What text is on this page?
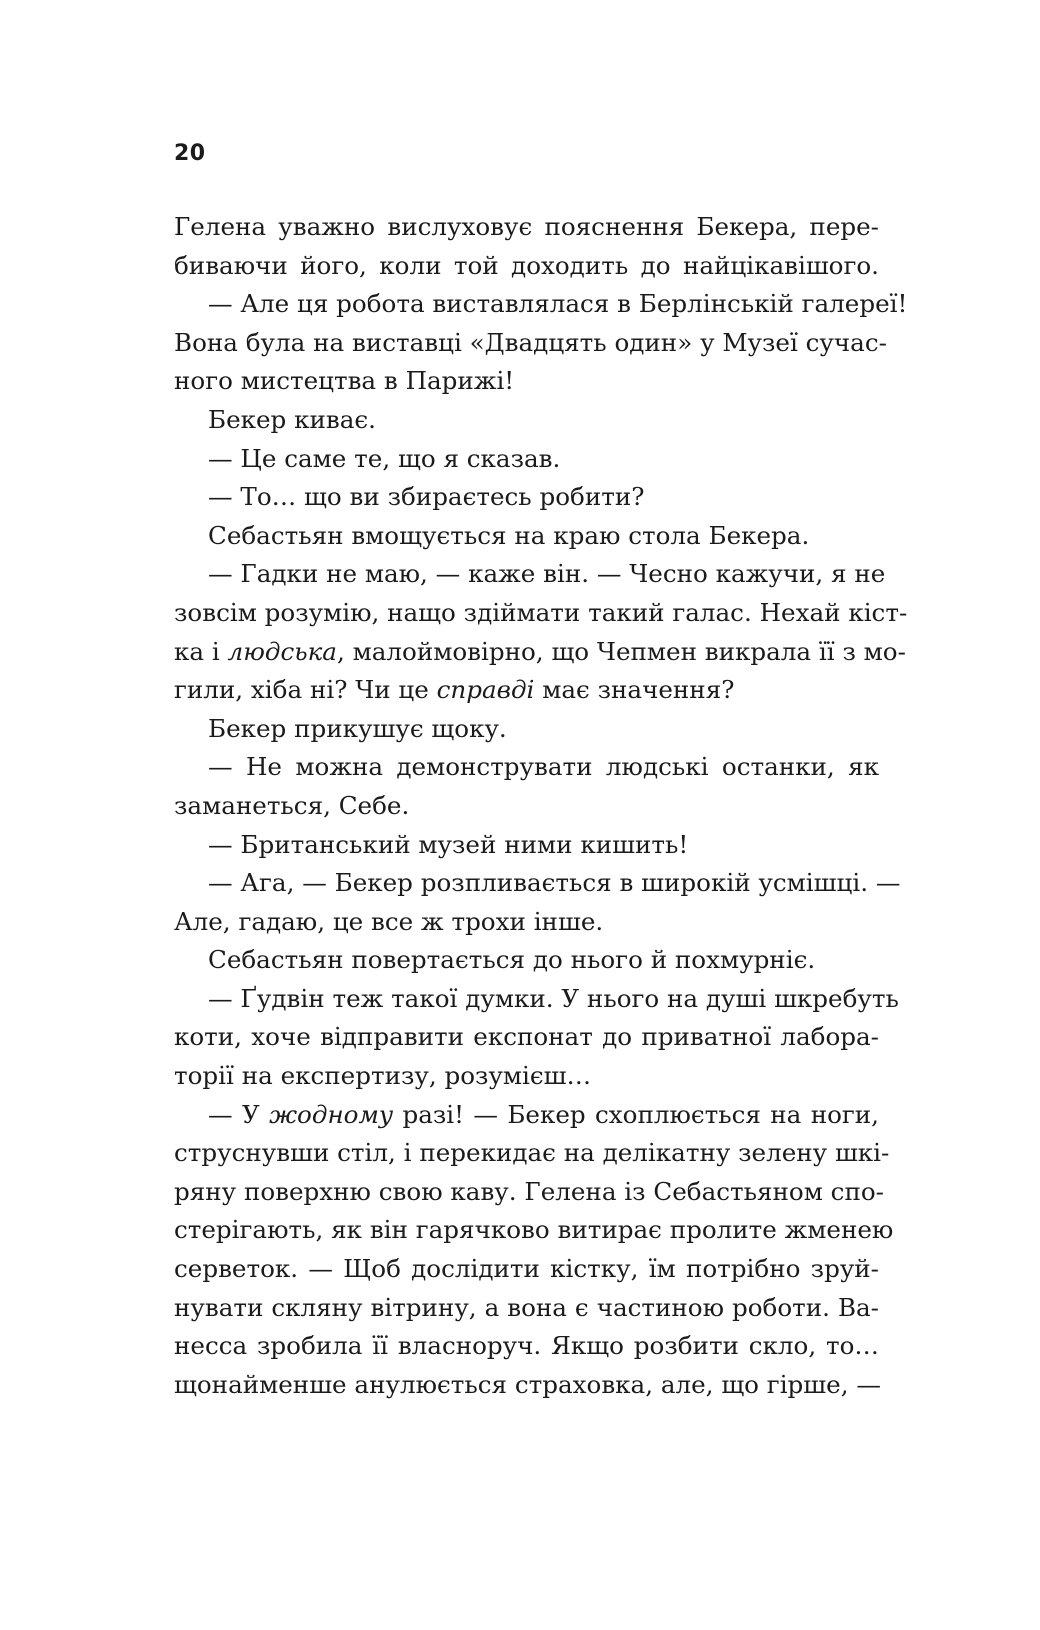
20
Гелена уважно вислуховує пояснення Бекера, пере-
биваючи його, коли той доходить до найцікавішого.
— Але ця робота виставлялася в Берлінській галереї!
Вона була на виставці «Двадцять один» у Музеї сучас-
ного мистецтва в Парижі!
Бекер киває.
— Це саме те, що я сказав.
— То… що ви збираєтесь робити?
Себастьян вмощується на краю стола Бекера.
— Гадки не маю, — каже він. — Чесно кажучи, я не
зовсім розумію, нащо здіймати такий галас. Нехай кіст-
ка і людська, малоймовірно, що Чепмен викрала її з мо-
гили, хіба ні? Чи це справді має значення?
Бекер прикушує щоку.
— Не можна демонструвати людські останки, як
заманеться, Себе.
— Британський музей ними кишить!
— Ага, — Бекер розпливається в широкій усмішці. —
Але, гадаю, це все ж трохи інше.
Себастьян повертається до нього й похмурніє.
— Ґудвін теж такої думки. У нього на душі шкребуть
коти, хоче відправити експонат до приватної лабора-
торії на експертизу, розумієш…
— У жодному разі! — Бекер схоплюється на ноги,
струснувши стіл, і перекидає на делікатну зелену шкі-
ряну поверхню свою каву. Гелена із Себастьяном спо-
стерігають, як він гарячково витирає пролите жменею
серветок. — Щоб дослідити кістку, їм потрібно зруй-
нувати скляну вітрину, а вона є частиною роботи. Ва-
несса зробила її власноруч. Якщо розбити скло, то…
щонайменше анулюється страховка, але, що гірше, —
